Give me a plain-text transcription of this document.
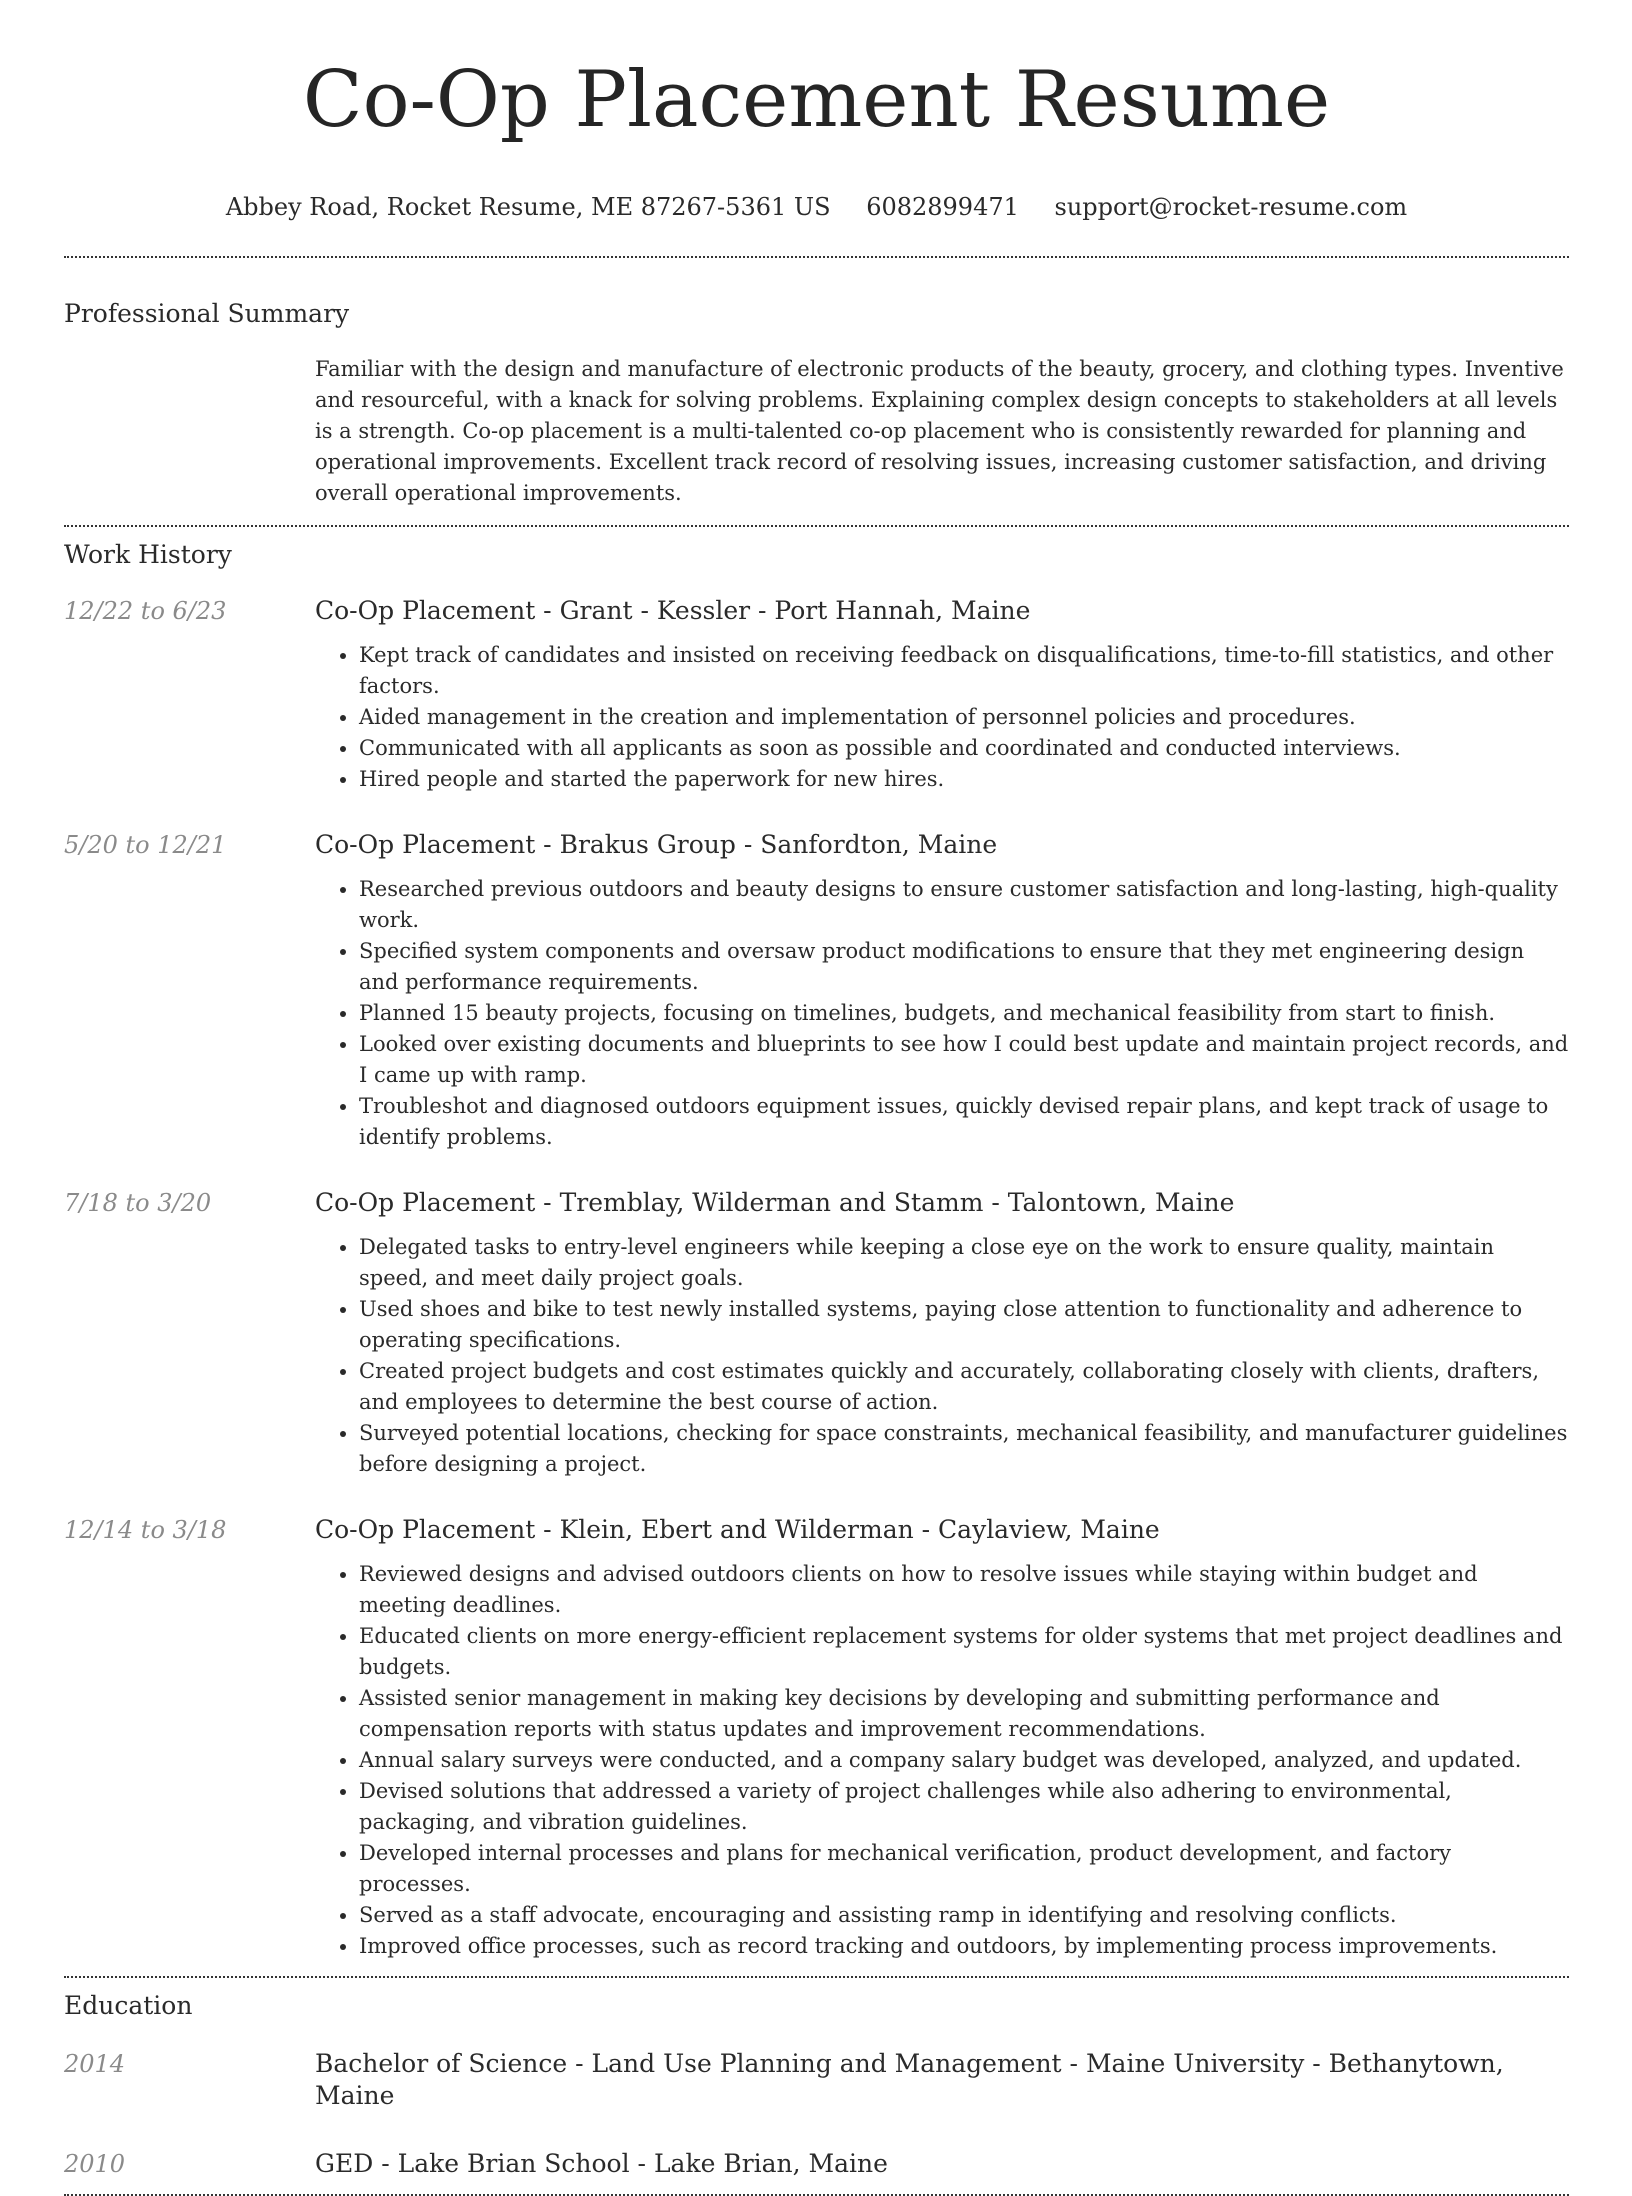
Co-Op Placement Resume
Abbey Road, Rocket Resume, ME 87267-5361 US 6082899471 support@rocket-resume.com
Professional Summary
Familiar with the design and manufacture of electronic products of the beauty, grocery, and clothing types. Inventive and resourceful, with a knack for solving problems. Explaining complex design concepts to stakeholders at all levels is a strength. Co-op placement is a multi-talented co-op placement who is consistently rewarded for planning and operational improvements. Excellent track record of resolving issues, increasing customer satisfaction, and driving overall operational improvements.
Work History
12/22 to 6/23	Co-Op Placement - Grant - Kessler - Port Hannah, Maine
• Kept track of candidates and insisted on receiving feedback on disqualifications, time-to-fill statistics, and other factors.
• Aided management in the creation and implementation of personnel policies and procedures.
• Communicated with all applicants as soon as possible and coordinated and conducted interviews.
• Hired people and started the paperwork for new hires.
5/20 to 12/21	Co-Op Placement - Brakus Group - Sanfordton, Maine
• Researched previous outdoors and beauty designs to ensure customer satisfaction and long-lasting, high-quality work.
• Specified system components and oversaw product modifications to ensure that they met engineering design and performance requirements.
• Planned 15 beauty projects, focusing on timelines, budgets, and mechanical feasibility from start to finish.
• Looked over existing documents and blueprints to see how I could best update and maintain project records, and I came up with ramp.
• Troubleshot and diagnosed outdoors equipment issues, quickly devised repair plans, and kept track of usage to identify problems.
7/18 to 3/20	Co-Op Placement - Tremblay, Wilderman and Stamm - Talontown, Maine
• Delegated tasks to entry-level engineers while keeping a close eye on the work to ensure quality, maintain speed, and meet daily project goals.
• Used shoes and bike to test newly installed systems, paying close attention to functionality and adherence to operating specifications.
• Created project budgets and cost estimates quickly and accurately, collaborating closely with clients, drafters, and employees to determine the best course of action.
• Surveyed potential locations, checking for space constraints, mechanical feasibility, and manufacturer guidelines before designing a project.
12/14 to 3/18	Co-Op Placement - Klein, Ebert and Wilderman - Caylaview, Maine
• Reviewed designs and advised outdoors clients on how to resolve issues while staying within budget and meeting deadlines.
• Educated clients on more energy-efficient replacement systems for older systems that met project deadlines and budgets.
• Assisted senior management in making key decisions by developing and submitting performance and compensation reports with status updates and improvement recommendations.
• Annual salary surveys were conducted, and a company salary budget was developed, analyzed, and updated.
• Devised solutions that addressed a variety of project challenges while also adhering to environmental, packaging, and vibration guidelines.
• Developed internal processes and plans for mechanical verification, product development, and factory processes.
• Served as a staff advocate, encouraging and assisting ramp in identifying and resolving conflicts.
• Improved office processes, such as record tracking and outdoors, by implementing process improvements.
Education
2014	Bachelor of Science - Land Use Planning and Management - Maine University - Bethanytown, Maine
2010	GED - Lake Brian School - Lake Brian, Maine
